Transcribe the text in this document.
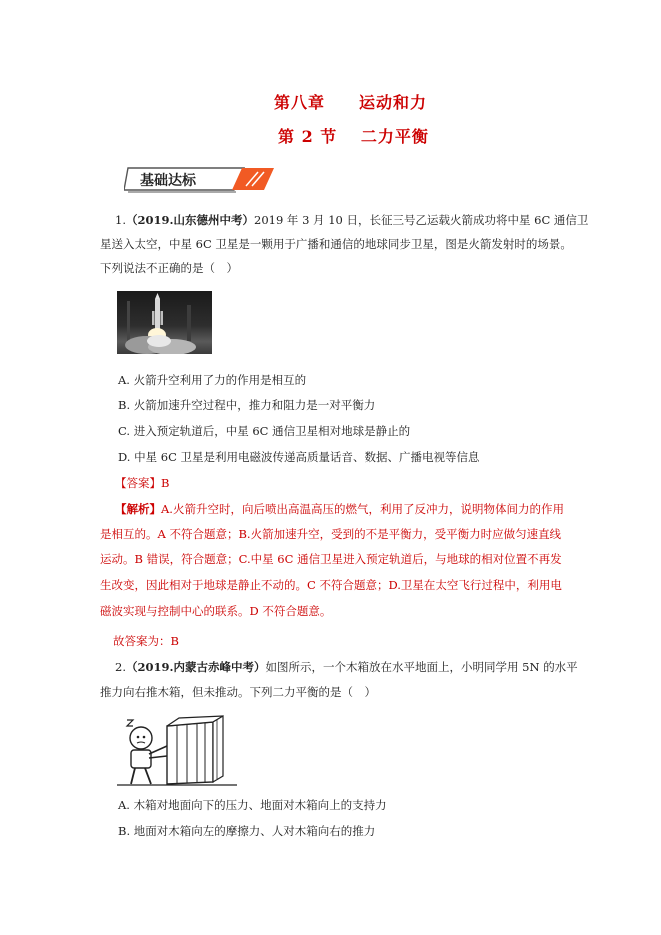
第八章　　运动和力
第 2 节　 二力平衡
基础达标
1.（2019.山东德州中考）2019 年 3 月 10 日，长征三号乙运载火箭成功将中星 6C 通信卫
星送入太空，中星 6C 卫星是一颗用于广播和通信的地球同步卫星，图是火箭发射时的场景。
下列说法不正确的是（　）
A. 火箭升空利用了力的作用是相互的
B. 火箭加速升空过程中，推力和阻力是一对平衡力
C. 进入预定轨道后，中星 6C 通信卫星相对地球是静止的
D. 中星 6C 卫星是利用电磁波传递高质量话音、数据、广播电视等信息
【答案】B
【解析】A.火箭升空时，向后喷出高温高压的燃气，利用了反冲力，说明物体间力的作用
是相互的。A 不符合题意；B.火箭加速升空，受到的不是平衡力，受平衡力时应做匀速直线
运动。B 错误，符合题意；C.中星 6C 通信卫星进入预定轨道后，与地球的相对位置不再发
生改变，因此相对于地球是静止不动的。C 不符合题意；D.卫星在太空飞行过程中，利用电
磁波实现与控制中心的联系。D 不符合题意。
故答案为：B
2.（2019.内蒙古赤峰中考）如图所示，一个木箱放在水平地面上，小明同学用 5N 的水平
推力向右推木箱，但未推动。下列二力平衡的是（　）
A. 木箱对地面向下的压力、地面对木箱向上的支持力
B. 地面对木箱向左的摩擦力、人对木箱向右的推力
